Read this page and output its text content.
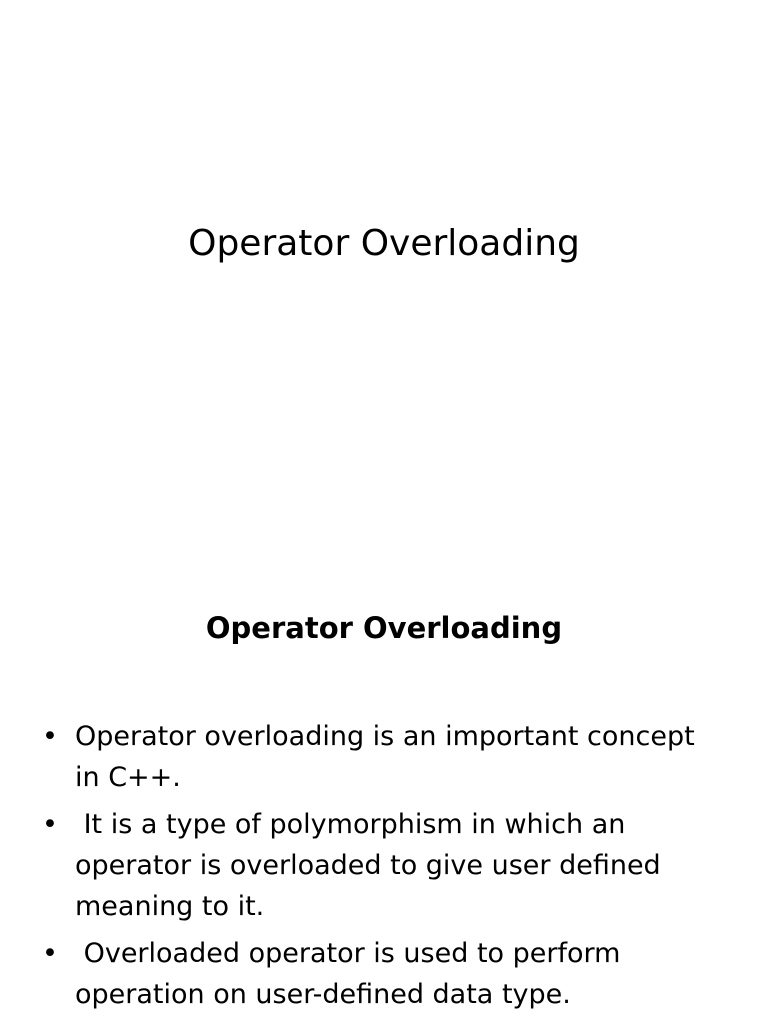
Operator Overloading
Operator Overloading
• Operator overloading is an important concept in C++.
• It is a type of polymorphism in which an operator is overloaded to give user defined meaning to it.
• Overloaded operator is used to perform operation on user-defined data type.
